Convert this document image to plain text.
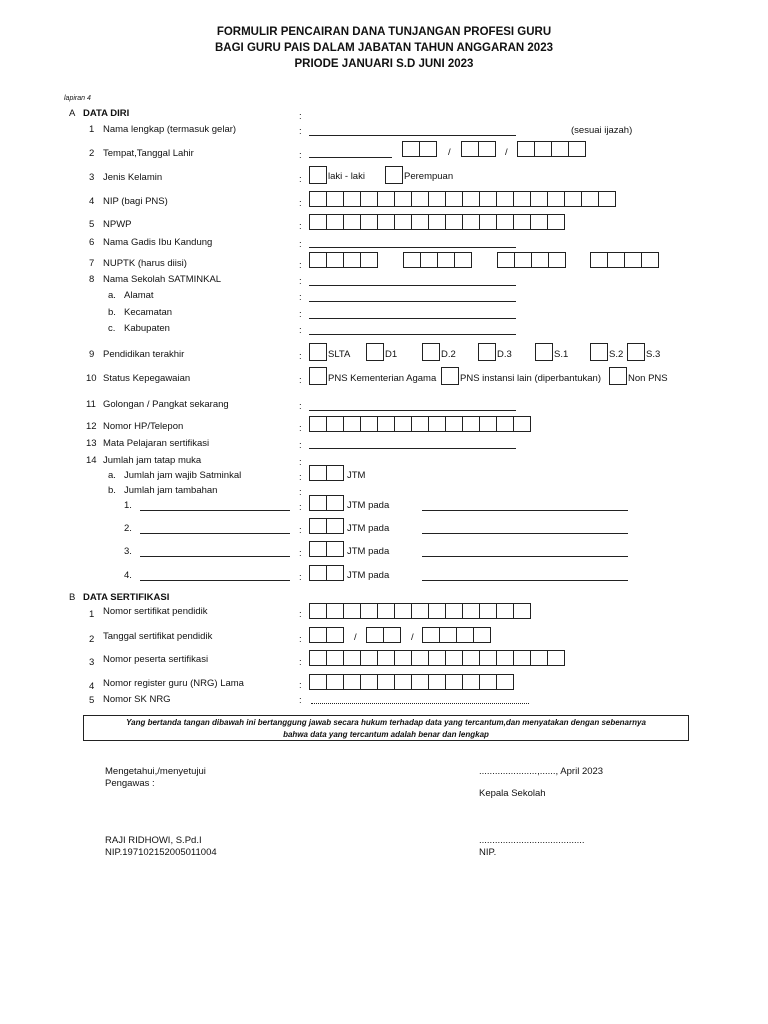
FORMULIR PENCAIRAN DANA TUNJANGAN PROFESI GURU
BAGI GURU PAIS DALAM JABATAN TAHUN ANGGARAN 2023
PRIODE JANUARI S.D JUNI 2023
lapiran 4
A DATA DIRI	:
1 Nama lengkap (termasuk gelar)	:	(sesuai ijazah)
2 Tempat,Tanggal Lahir	:	/	/
3 Jenis Kelamin	:	laki - laki	Perempuan
4 NIP (bagi PNS)	:
5 NPWP	:
6 Nama Gadis Ibu Kandung	:
7 NUPTK (harus diisi)	:
8 Nama Sekolah SATMINKAL	:
a. Alamat	:
b. Kecamatan	:
c. Kabupaten	:
9 Pendidikan terakhir	:	SLTA	D1	D.2	D.3	S.1	S.2 S.3
10 Status Kepegawaian	:	PNS Kementerian Agama PNS instansi lain (diperbantukan)	Non PNS
11 Golongan / Pangkat sekarang	:
12 Nomor HP/Telepon	:
13 Mata Pelajaran sertifikasi	:
14 Jumlah jam tatap muka	:
a. Jumlah jam wajib Satminkal	:	JTM
b. Jumlah jam tambahan	:
1.	:	JTM pada
2.	:	JTM pada
3.	:	JTM pada
4.	:	JTM pada
B DATA SERTIFIKASI
1 Nomor sertifikat pendidik	:
2 Tanggal sertifikat pendidik	:	/	/
3 Nomor peserta sertifikasi	:
4 Nomor register guru (NRG) Lama	:
5 Nomor SK NRG	:
Yang bertanda tangan dibawah ini bertanggung jawab secara hukum terhadap data yang tercantum,dan menyatakan dengan sebenarnya
bahwa data yang tercantum adalah benar dan lengkap
Mengetahui,/menyetujui
Pengawas :
RAJI RIDHOWI, S.Pd.I
NIP.197102152005011004
......................,......, April 2023
Kepala Sekolah
........................................
NIP.
